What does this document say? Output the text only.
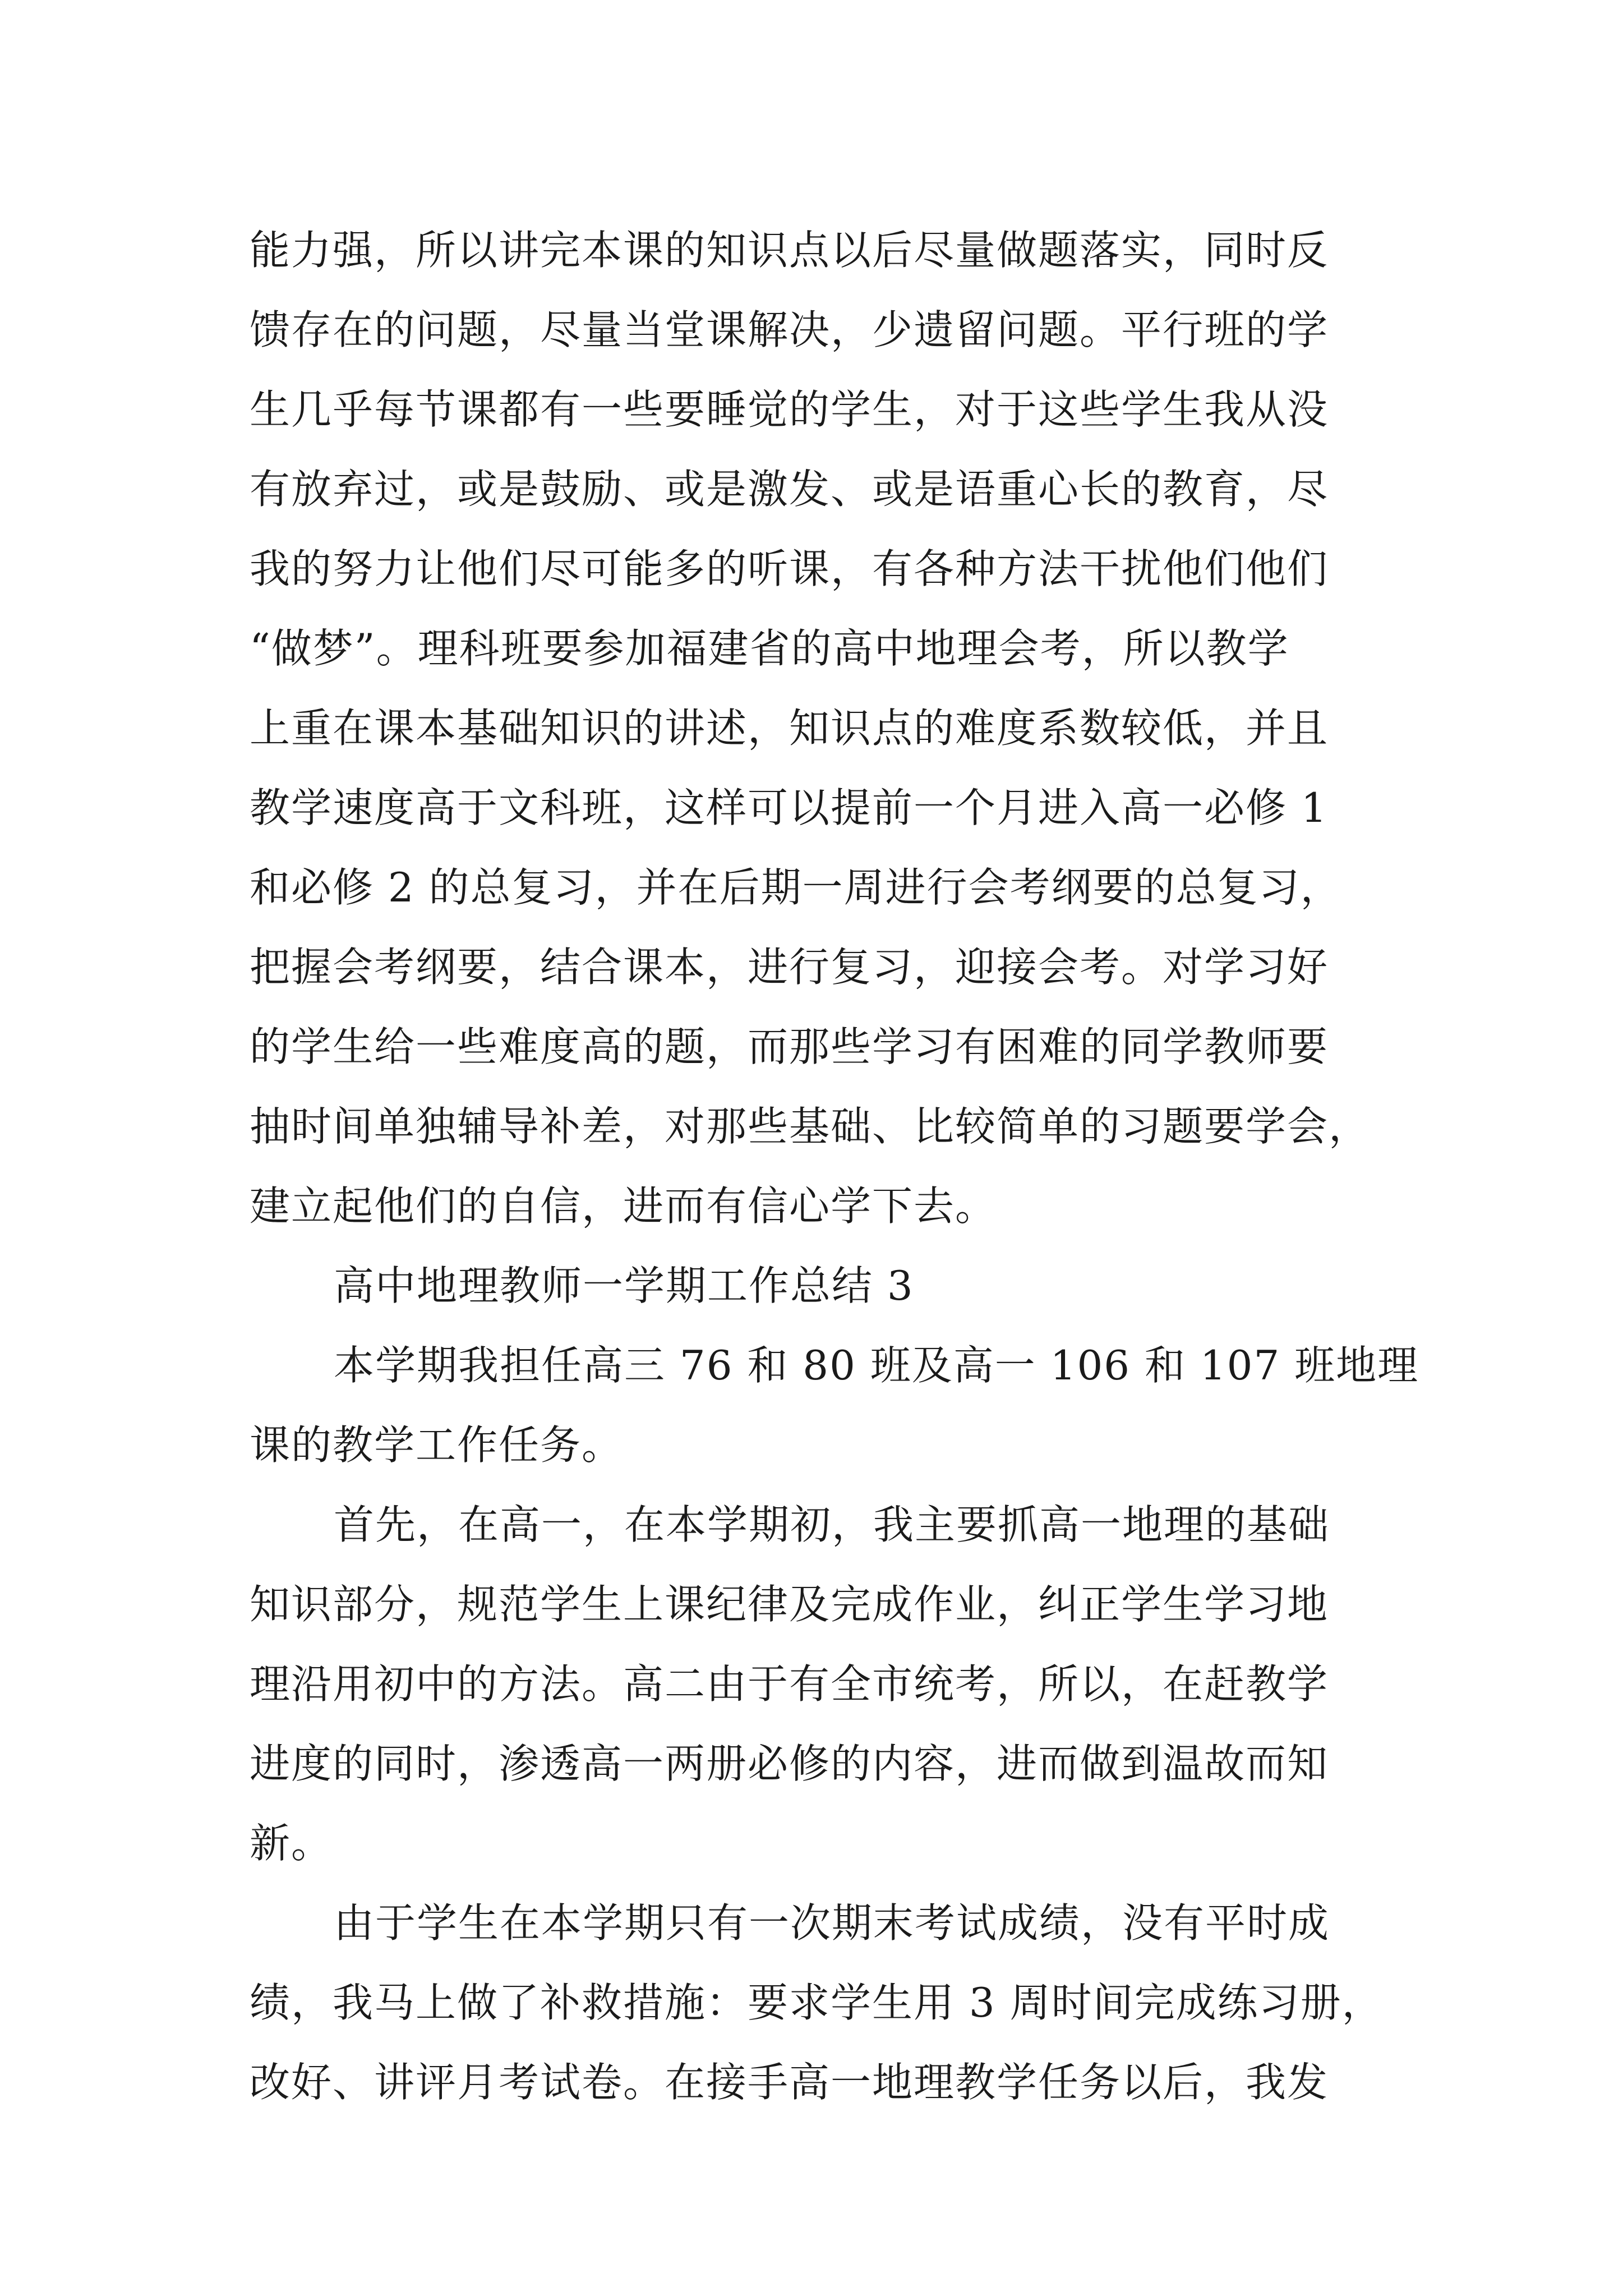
能力强，所以讲完本课的知识点以后尽量做题落实，同时反
馈存在的问题，尽量当堂课解决，少遗留问题。平行班的学
生几乎每节课都有一些要睡觉的学生，对于这些学生我从没
有放弃过，或是鼓励、或是激发、或是语重心长的教育，尽
我的努力让他们尽可能多的听课，有各种方法干扰他们他们
“做梦”。理科班要参加福建省的高中地理会考，所以教学
上重在课本基础知识的讲述，知识点的难度系数较低，并且
教学速度高于文科班，这样可以提前一个月进入高一必修 1
和必修 2 的总复习，并在后期一周进行会考纲要的总复习，
把握会考纲要，结合课本，进行复习，迎接会考。对学习好
的学生给一些难度高的题，而那些学习有困难的同学教师要
抽时间单独辅导补差，对那些基础、比较简单的习题要学会，
建立起他们的自信，进而有信心学下去。
高中地理教师一学期工作总结 3
本学期我担任高三 76 和 80 班及高一 106 和 107 班地理
课的教学工作任务。
首先，在高一，在本学期初，我主要抓高一地理的基础
知识部分，规范学生上课纪律及完成作业，纠正学生学习地
理沿用初中的方法。高二由于有全市统考，所以，在赶教学
进度的同时，渗透高一两册必修的内容，进而做到温故而知
新。
由于学生在本学期只有一次期末考试成绩，没有平时成
绩，我马上做了补救措施：要求学生用 3 周时间完成练习册，
改好、讲评月考试卷。在接手高一地理教学任务以后，我发
